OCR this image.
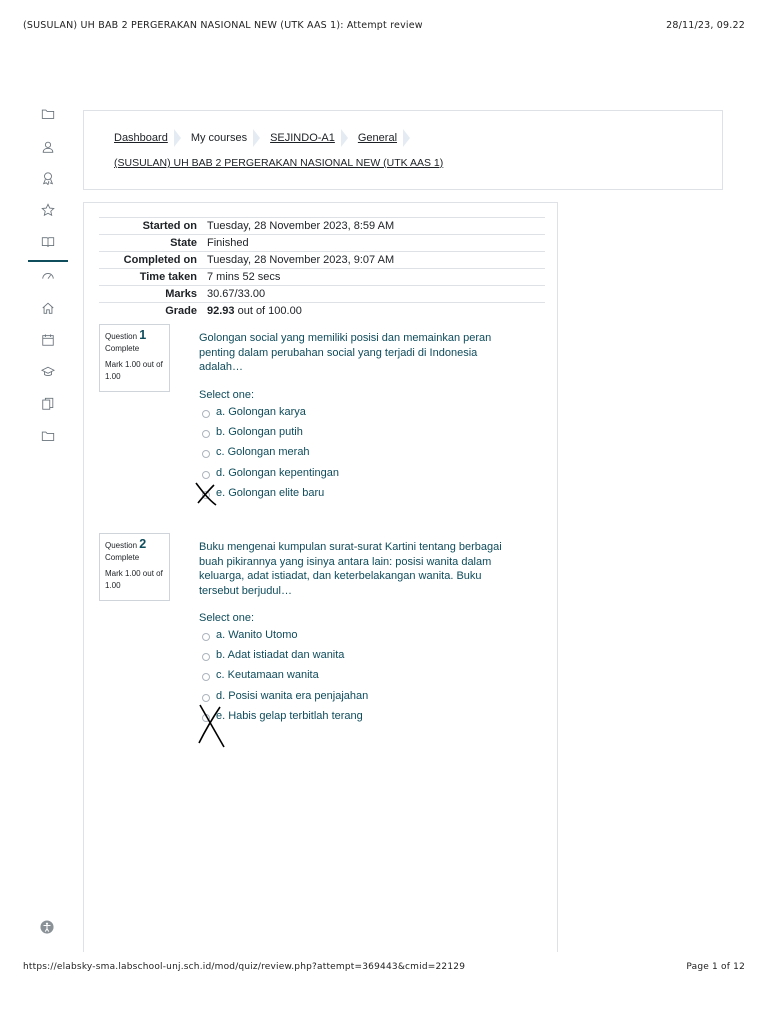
(SUSULAN) UH BAB 2 PERGERAKAN NASIONAL NEW (UTK AAS 1): Attempt review	28/11/23, 09.22
Dashboard My courses SEJINDO-A1 General
(SUSULAN) UH BAB 2 PERGERAKAN NASIONAL NEW (UTK AAS 1)
Started on	Tuesday, 28 November 2023, 8:59 AM
State	Finished
Completed on	Tuesday, 28 November 2023, 9:07 AM
Time taken	7 mins 52 secs
Marks	30.67/33.00
Grade	92.93 out of 100.00
Question 1
Complete
Mark 1.00 out of 1.00
Golongan social yang memiliki posisi dan memainkan peran penting dalam perubahan social yang terjadi di Indonesia adalah…
Select one:
a. Golongan karya
b. Golongan putih
c. Golongan merah
d. Golongan kepentingan
e. Golongan elite baru
Question 2
Complete
Mark 1.00 out of 1.00
Buku mengenai kumpulan surat-surat Kartini tentang berbagai buah pikirannya yang isinya antara lain: posisi wanita dalam keluarga, adat istiadat, dan keterbelakangan wanita. Buku tersebut berjudul…
Select one:
a. Wanito Utomo
b. Adat istiadat dan wanita
c. Keutamaan wanita
d. Posisi wanita era penjajahan
e. Habis gelap terbitlah terang
https://elabsky-sma.labschool-unj.sch.id/mod/quiz/review.php?attempt=369443&cmid=22129	Page 1 of 12
